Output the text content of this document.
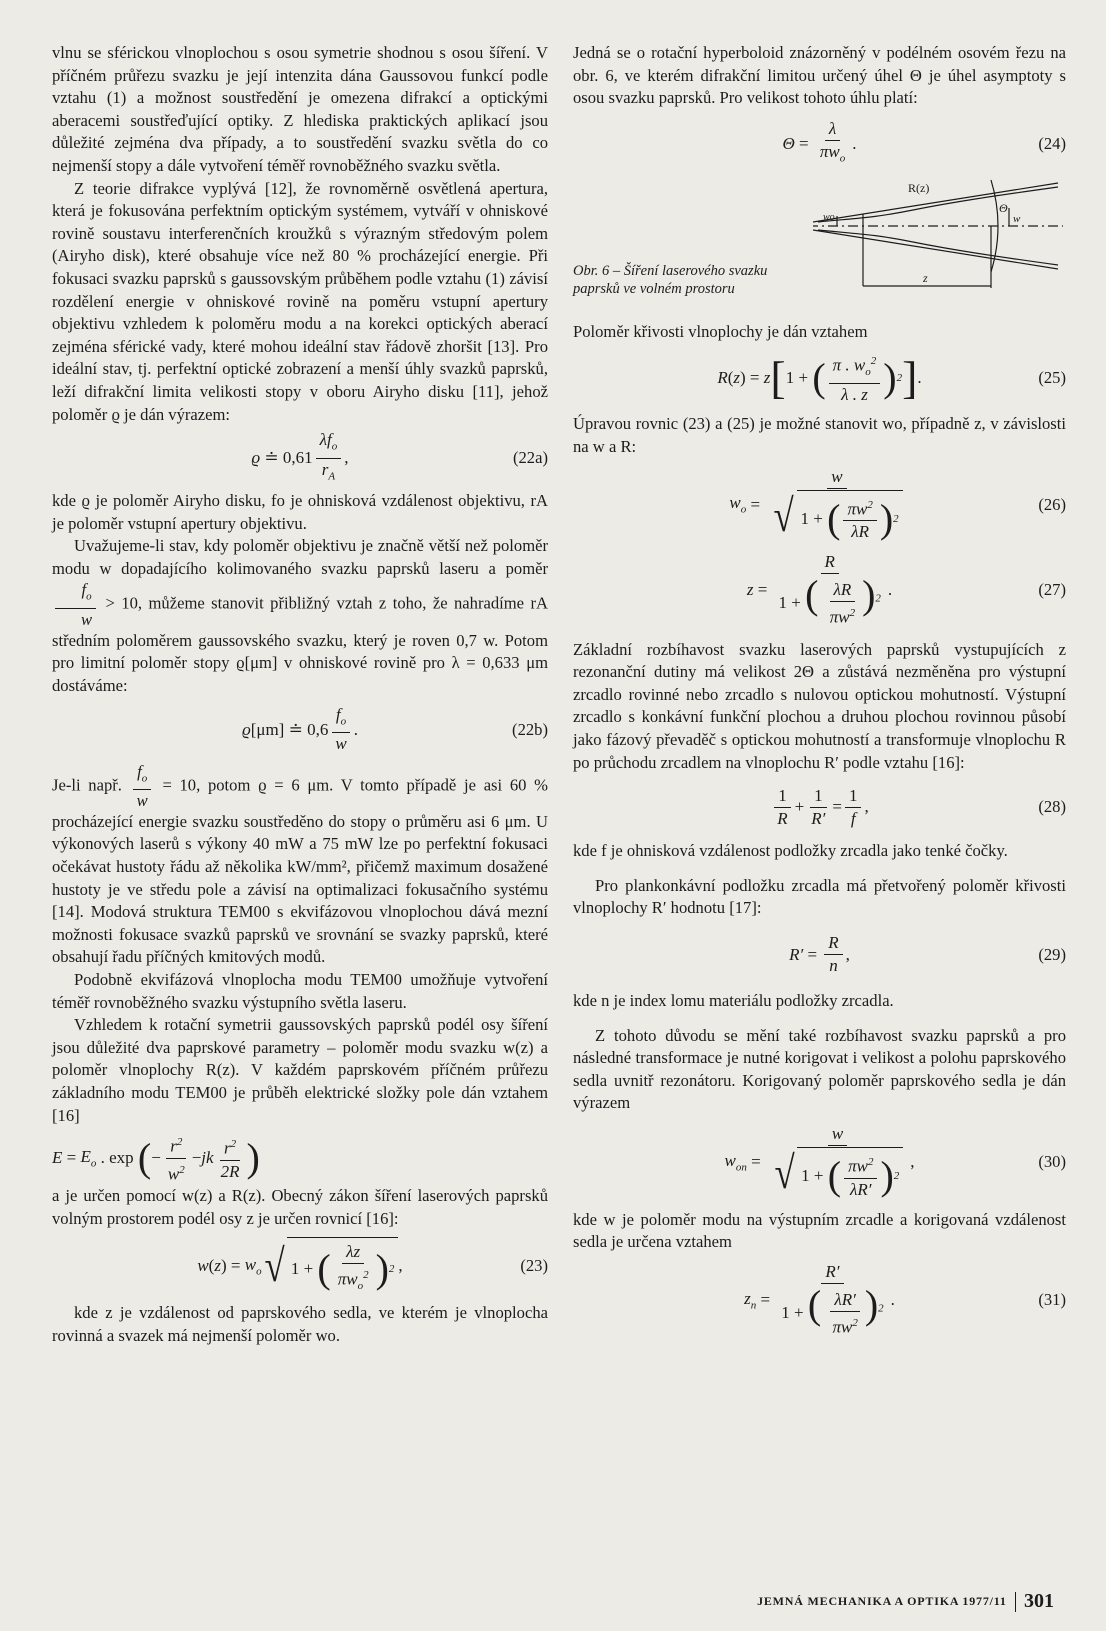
vlnu se sférickou vlnoplochou s osou symetrie shodnou s osou šíření. V příčném průřezu svazku je její intenzita dána Gaussovou funkcí podle vztahu (1) a možnost soustředění je omezena difrakcí a optickými aberacemi soustřeďující optiky. Z hlediska praktických aplikací jsou důležité zejména dva případy, a to soustředění svazku světla do co nejmenší stopy a dále vytvoření téměř rovnoběžného svazku světla.

Z teorie difrakce vyplývá [12], že rovnoměrně osvětlená apertura, která je fokusována perfektním optickým systémem, vytváří v ohniskové rovině soustavu interferenčních kroužků s výrazným středovým polem (Airyho disk), které obsahuje více než 80 % procházející energie. Při fokusaci svazku paprsků s gaussovským průběhem podle vztahu (1) závisí rozdělení energie v ohniskové rovině na poměru vstupní apertury objektivu vzhledem k poloměru modu a na korekci optických aberací zejména sférické vady, které mohou ideální stav řádově zhoršit [13]. Pro ideální stav, tj. perfektní optické zobrazení a menší úhly svazků paprsků, leží difrakční limita velikosti stopy v oboru Airyho disku [11], jehož poloměr ϱ je dán výrazem:

ϱ ≐ $0,61 \frac{\lambda f_o}{r_A}$ ,	(22a)

kde ϱ je poloměr Airyho disku, fo je ohnisková vzdálenost objektivu, rA je poloměr vstupní apertury objektivu.

Uvažujeme-li stav, kdy poloměr objektivu je značně větší než poloměr modu w dopadajícího kolimovaného svazku paprsků laseru a poměr
$\frac{f_o}{w} > 10$, můžeme stanovit přibližný vztah z toho, že nahradíme rA středním poloměrem gaussovského svazku, který je roven 0,7 w. Potom pro limitní poloměr stopy ϱ[μm] v ohniskové rovině pro λ = 0,633 μm dostáváme:

ϱ [μm] ≐ $0,6 \frac{f_o}{w}$ .	(22b)

Je-li např. $\frac{f_o}{w} = 10$, potom ϱ = 6 μm. V tomto případě je asi 60 % procházející energie svazku soustředěno do stopy o průměru asi 6 μm. U výkonových laserů s výkony 40 mW a 75 mW lze po perfektní fokusaci očekávat hustoty řádu až několika kW/mm², přičemž maximum dosažené hustoty je ve středu pole a závisí na optimalizaci fokusačního systému [14]. Modová struktura TEM00 s ekvifázovou vlnoplochou dává mezní možnosti fokusace svazků paprsků ve srovnání se svazky paprsků, které obsahují řadu příčných kmitových modů.

Podobně ekvifázová vlnoplocha modu TEM00 umožňuje vytvoření téměř rovnoběžného svazku výstupního světla laseru.

Vzhledem k rotační symetrii gaussovských paprsků podél osy šíření jsou důležité dva paprskové parametry – poloměr modu svazku w(z) a poloměr vlnoplochy R(z). V každém paprskovém příčném průřezu základního modu TEM00 je průběh elektrické složky pole dán vztahem [16]

$E = E_o$ . exp ( − $\frac{r^2}{w^2}$ − jk $\frac{r^2}{2R}$ )

a je určen pomocí w(z) a R(z). Obecný zákon šíření laserových paprsků volným prostorem podél osy z je určen rovnicí [16]:

w ( z ) = $w_o$ √ 1 + ( $\frac{\lambda z}{\pi w_o^2}$ ) 2 ,	(23)

kde z je vzdálenost od paprskového sedla, ve kterém je vlnoplocha rovinná a svazek má nejmenší poloměr wo.

Jedná se o rotační hyperboloid znázorněný v podélném osovém řezu na obr. 6, ve kterém difrakční limitou určený úhel Θ je úhel asymptoty s osou svazku paprsků. Pro velikost tohoto úhlu platí:

$\Theta = \frac{\lambda}{\pi w_o}$ .	(24)
Obr. 6 – Šíření laserového svazku paprsků ve volném prostoru
R(z)
Θ
w
wo
z

Poloměr křivosti vlnoplochy je dán vztahem

R ( z ) = z [ 1 + ( $\frac{\pi . w_o^2}{\lambda . z}$ ) 2 ] .	(25)

Úpravou rovnic (23) a (25) je možné stanovit wo, případně z, v závislosti na w a R:

$w_o = \frac{w}{√ 1 + ( \frac{\pi w^2}{\lambda R} ) 2}$	(26)
$z = \frac{R}{1 + ( \frac{\lambda R}{\pi w^2} )^2}$ .	(27)

Základní rozbíhavost svazku laserových paprsků vystupujících z rezonanční dutiny má velikost 2Θ a zůstává nezměněna pro výstupní zrcadlo rovinné nebo zrcadlo s nulovou optickou mohutností. Výstupní zrcadlo s konkávní funkční plochou a druhou plochou rovinnou působí jako fázový převaděč s optickou mohutností a transformuje vlnoplochu R po průchodu zrcadlem na vlnoplochu R′ podle vztahu [16]:

$\frac{1}{R} + \frac{1}{R'} = \frac{1}{f}$ ,	(28)

kde f je ohnisková vzdálenost podložky zrcadla jako tenké čočky.

Pro plankonkávní podložku zrcadla má přetvořený poloměr křivosti vlnoplochy R′ hodnotu [17]:

$R' = \frac{R}{n}$ ,	(29)

kde n je index lomu materiálu podložky zrcadla.

Z tohoto důvodu se mění také rozbíhavost svazku paprsků a pro následné transformace je nutné korigovat i velikost a polohu paprskového sedla uvnitř rezonátoru. Korigovaný poloměr paprskového sedla je dán výrazem

$w_{on} = \frac{w}{√ 1 + ( \frac{\pi w^2}{\lambda R'} ) 2}$ ,	(30)

kde w je poloměr modu na výstupním zrcadle a korigovaná vzdálenost sedla je určena vztahem

$z_n = \frac{R'}{1 + ( \frac{\lambda R'}{\pi w^2} )^2}$ .	(31)
JEMNÁ MECHANIKA A OPTIKA 1977/11 301
